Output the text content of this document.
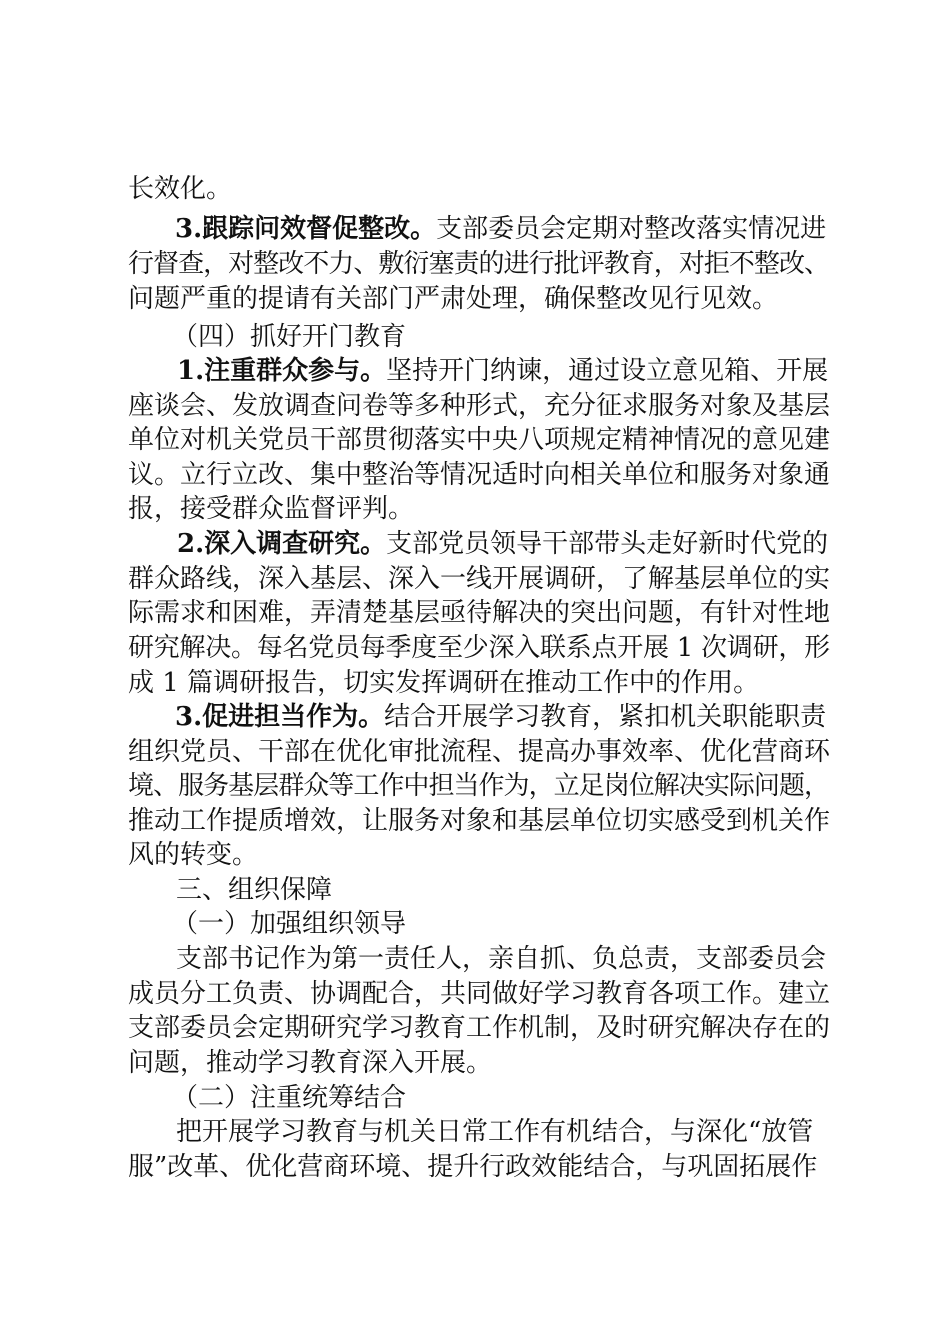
长效化。
3.跟踪问效督促整改。支部委员会定期对整改落实情况进
行督查，对整改不力、敷衍塞责的进行批评教育，对拒不整改、
问题严重的提请有关部门严肃处理，确保整改见行见效。
（四）抓好开门教育
1.注重群众参与。坚持开门纳谏，通过设立意见箱、开展
座谈会、发放调查问卷等多种形式，充分征求服务对象及基层
单位对机关党员干部贯彻落实中央八项规定精神情况的意见建
议。立行立改、集中整治等情况适时向相关单位和服务对象通
报，接受群众监督评判。
2.深入调查研究。支部党员领导干部带头走好新时代党的
群众路线，深入基层、深入一线开展调研，了解基层单位的实
际需求和困难，弄清楚基层亟待解决的突出问题，有针对性地
研究解决。每名党员每季度至少深入联系点开展 1 次调研，形
成 1 篇调研报告，切实发挥调研在推动工作中的作用。
3.促进担当作为。结合开展学习教育，紧扣机关职能职责
组织党员、干部在优化审批流程、提高办事效率、优化营商环
境、服务基层群众等工作中担当作为，立足岗位解决实际问题，
推动工作提质增效，让服务对象和基层单位切实感受到机关作
风的转变。
三、组织保障
（一）加强组织领导
支部书记作为第一责任人，亲自抓、负总责，支部委员会
成员分工负责、协调配合，共同做好学习教育各项工作。建立
支部委员会定期研究学习教育工作机制，及时研究解决存在的
问题，推动学习教育深入开展。
（二）注重统筹结合
把开展学习教育与机关日常工作有机结合，与深化“放管
服”改革、优化营商环境、提升行政效能结合，与巩固拓展作
